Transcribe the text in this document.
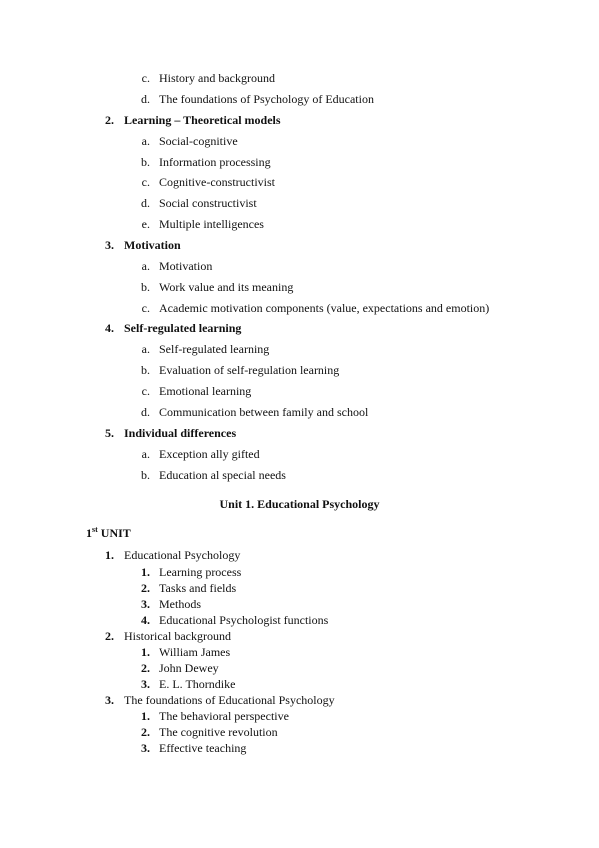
c. History and background
d. The foundations of Psychology of Education
2. Learning – Theoretical models
a. Social-cognitive
b. Information processing
c. Cognitive-constructivist
d. Social constructivist
e. Multiple intelligences
3. Motivation
a. Motivation
b. Work value and its meaning
c. Academic motivation components (value, expectations and emotion)
4. Self-regulated learning
a. Self-regulated learning
b. Evaluation of self-regulation learning
c. Emotional learning
d. Communication between family and school
5. Individual differences
a. Exception ally gifted
b. Education al special needs
Unit 1. Educational Psychology
1st UNIT
1. Educational Psychology
1. Learning process
2. Tasks and fields
3. Methods
4. Educational Psychologist functions
2. Historical background
1. William James
2. John Dewey
3. E. L. Thorndike
3. The foundations of Educational Psychology
1. The behavioral perspective
2. The cognitive revolution
3. Effective teaching
